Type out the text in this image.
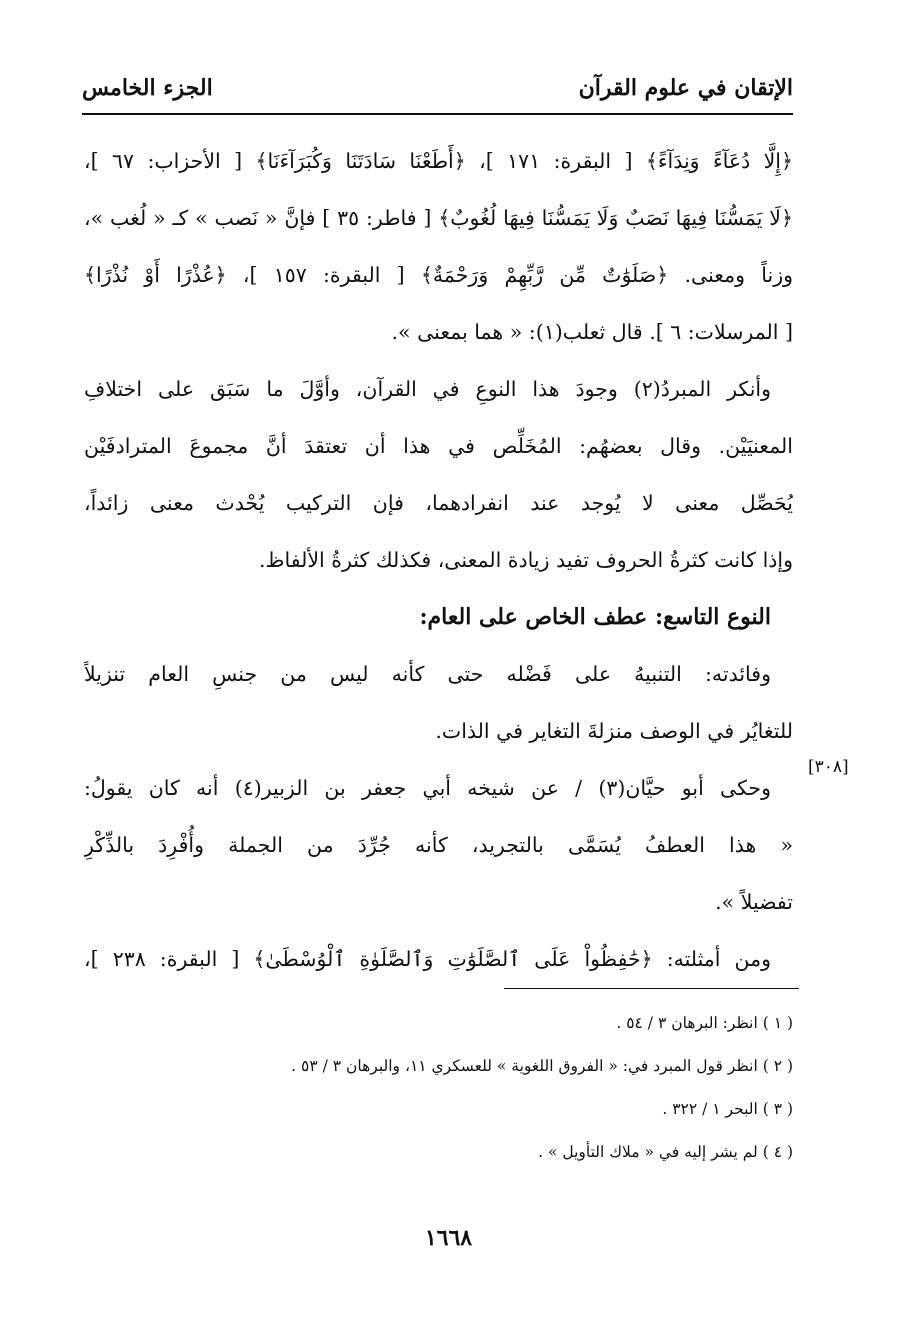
الإتقان في علوم القرآن
الجزء الخامس
[٣٠٨]
﴿إِلَّا دُعَآءً وَنِدَآءً﴾ [ البقرة: ١٧١ ]، ﴿أَطَعْنَا سَادَتَنَا وَكُبَرَآءَنَا﴾ [ الأحزاب: ٦٧ ]،
﴿لَا يَمَسُّنَا فِيهَا نَصَبٌ وَلَا يَمَسُّنَا فِيهَا لُغُوبٌ﴾ [ فاطر: ٣٥ ] فإنَّ « نَصب » كـ « لُغب »،
وزناً ومعنى. ﴿صَلَوَٰتٌ مِّن رَّبِّهِمْ وَرَحْمَةٌ﴾ [ البقرة: ١٥٧ ]، ﴿عُذْرًا أَوْ نُذْرًا﴾
[ المرسلات: ٦ ]. قال ثعلب(١): « هما بمعنى ».
وأنكر المبردُ(٢) وجودَ هذا النوعِ في القرآن، وأوَّلَ ما سَبَق على اختلافِ
المعنيَيْن. وقال بعضهُم: المُخَلِّص في هذا أن تعتقدَ أنَّ مجموعَ المترادفَيْن
يُحَصِّل معنى لا يُوجد عند انفرادهما، فإن التركيب يُحْدث معنى زائداً،
وإذا كانت كثرةُ الحروف تفيد زيادة المعنى، فكذلك كثرةُ الألفاظ.
النوع التاسع: عطف الخاص على العام:
وفائدته: التنبيهُ على فَضْله حتى كأنه ليس من جنسِ العام تنزيلاً
للتغايُر في الوصف منزلةَ التغاير في الذات.
وحكى أبو حيَّان(٣) / عن شيخه أبي جعفر بن الزبير(٤) أنه كان يقولُ:
« هذا العطفُ يُسَمَّى بالتجريد، كأنه جُرِّدَ من الجملة وأُفْرِدَ بالذِّكْرِ
تفضيلاً ».
ومن أمثلته: ﴿حَٰفِظُواْ عَلَى ٱلصَّلَوَٰتِ وَٱلصَّلَوٰةِ ٱلْوُسْطَىٰ﴾ [ البقرة: ٢٣٨ ]،
( ١ ) انظر: البرهان ٣ / ٥٤ .
( ٢ ) انظر قول المبرد في: « الفروق اللغوية » للعسكري ١١، والبرهان ٣ / ٥٣ .
( ٣ ) البحر ١ / ٣٢٢ .
( ٤ ) لم يشر إليه في « ملاك التأويل » .
١٦٦٨
